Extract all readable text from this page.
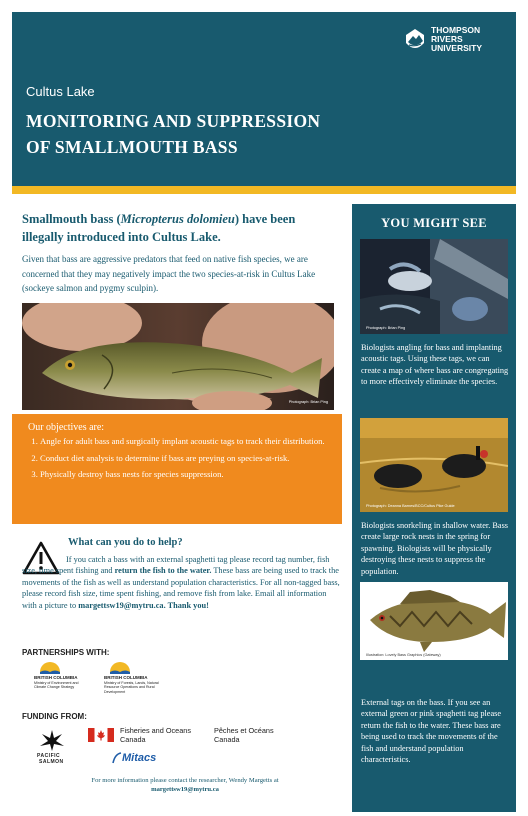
THOMPSON
RIVERS
UNIVERSITY
Cultus Lake
MONITORING AND SUPPRESSION
OF SMALLMOUTH BASS
Smallmouth bass (Micropterus dolomieu) have been illegally introduced into Cultus Lake.
Given that bass are aggressive predators that feed on native fish species, we are concerned that they may negatively impact the two species-at-risk in Cultus Lake (sockeye salmon and pygmy sculpin).
Photograph: Brian Ping
Our objectives are:
1. Angle for adult bass and surgically implant acoustic tags to track their distribution.
2. Conduct diet analysis to determine if bass are preying on species-at-risk.
3. Physically destroy bass nests for species suppression.
What can you do to help?
If you catch a bass with an external spaghetti tag please record tag number, fish size, time spent fishing and return the fish to the water. These bass are being used to track the movements of the fish as well as understand population characteristics. For all non-tagged bass, please record fish size, time spent fishing, and remove fish from lake. Email all information with a picture to margettsw19@mytru.ca. Thank you!
PARTNERSHIPS WITH:
BRITISH COLUMBIA
Ministry of Environment and Climate Change Strategy
BRITISH COLUMBIA
Ministry of Forests, Lands, Natural Resource Operations and Rural Development
FUNDING FROM:
PACIFIC
SALMON
Fisheries and Oceans
Canada
Pêches et Océans
Canada
Mitacs
For more information please contact the researcher, Wendy Margetts at
margettsw19@mytru.ca
YOU MIGHT SEE
Photograph: Brian Ping
Biologists angling for bass and implanting acoustic tags. Using these tags, we can create a map of where bass are congregating to more effectively eliminate the species.
Photograph: Deanna Barnes/BCC/Cultus Pike Guide
Biologists snorkeling in shallow water. Bass create large rock nests in the spring for spawning. Biologists will be physically destroying these nests to suppress the population.
Illustration: Lovely Bass Graphics (Gateway)
External tags on the bass. If you see an external green or pink spaghetti tag please return the fish to the water. These bass are being used to track the movements of the fish and understand population characteristics.
